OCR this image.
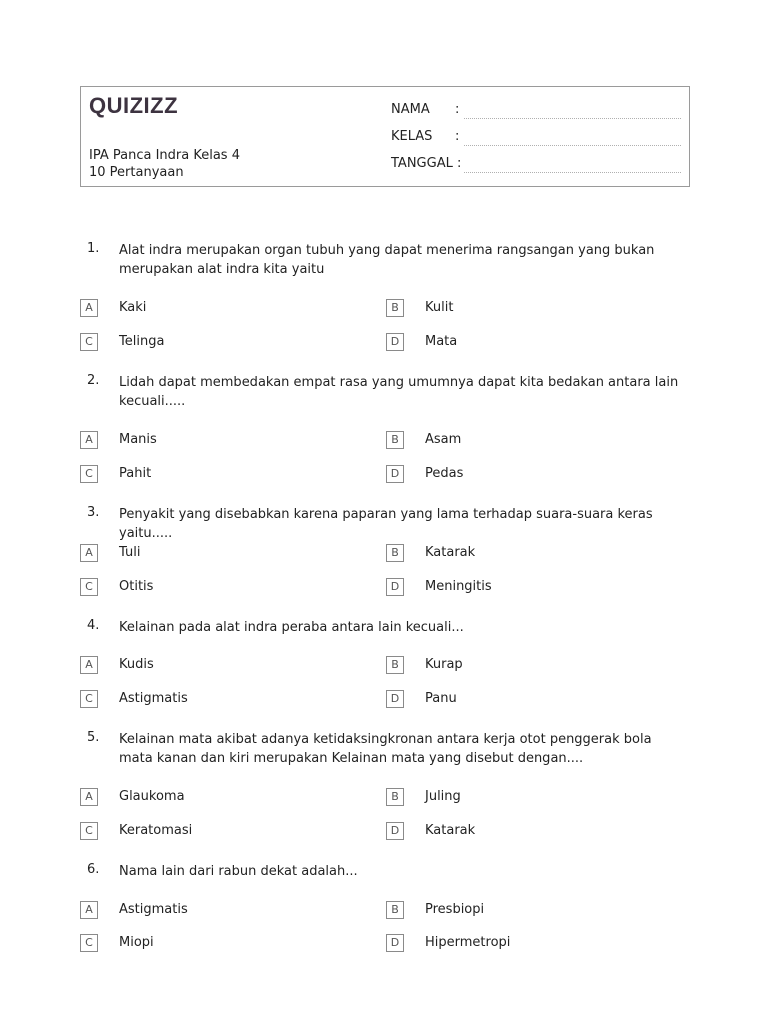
QUIZIZZ
IPA Panca Indra Kelas 4
10 Pertanyaan
NAMA :
KELAS :
TANGGAL :
1. Alat indra merupakan organ tubuh yang dapat menerima rangsangan yang bukan merupakan alat indra kita yaitu
A	Kaki	B	Kulit
C	Telinga	D	Mata
2. Lidah dapat membedakan empat rasa yang umumnya dapat kita bedakan antara lain kecuali.....
A	Manis	B	Asam
C	Pahit	D	Pedas
3. Penyakit yang disebabkan karena paparan yang lama terhadap suara-suara keras yaitu.....
A	Tuli	B	Katarak
C	Otitis	D	Meningitis
4. Kelainan pada alat indra peraba antara lain kecuali...
A	Kudis	B	Kurap
C	Astigmatis	D	Panu
5. Kelainan mata akibat adanya ketidaksingkronan antara kerja otot penggerak bola mata kanan dan kiri merupakan Kelainan mata yang disebut dengan....
A	Glaukoma	B	Juling
C	Keratomasi	D	Katarak
6. Nama lain dari rabun dekat adalah...
A	Astigmatis	B	Presbiopi
C	Miopi	D	Hipermetropi
